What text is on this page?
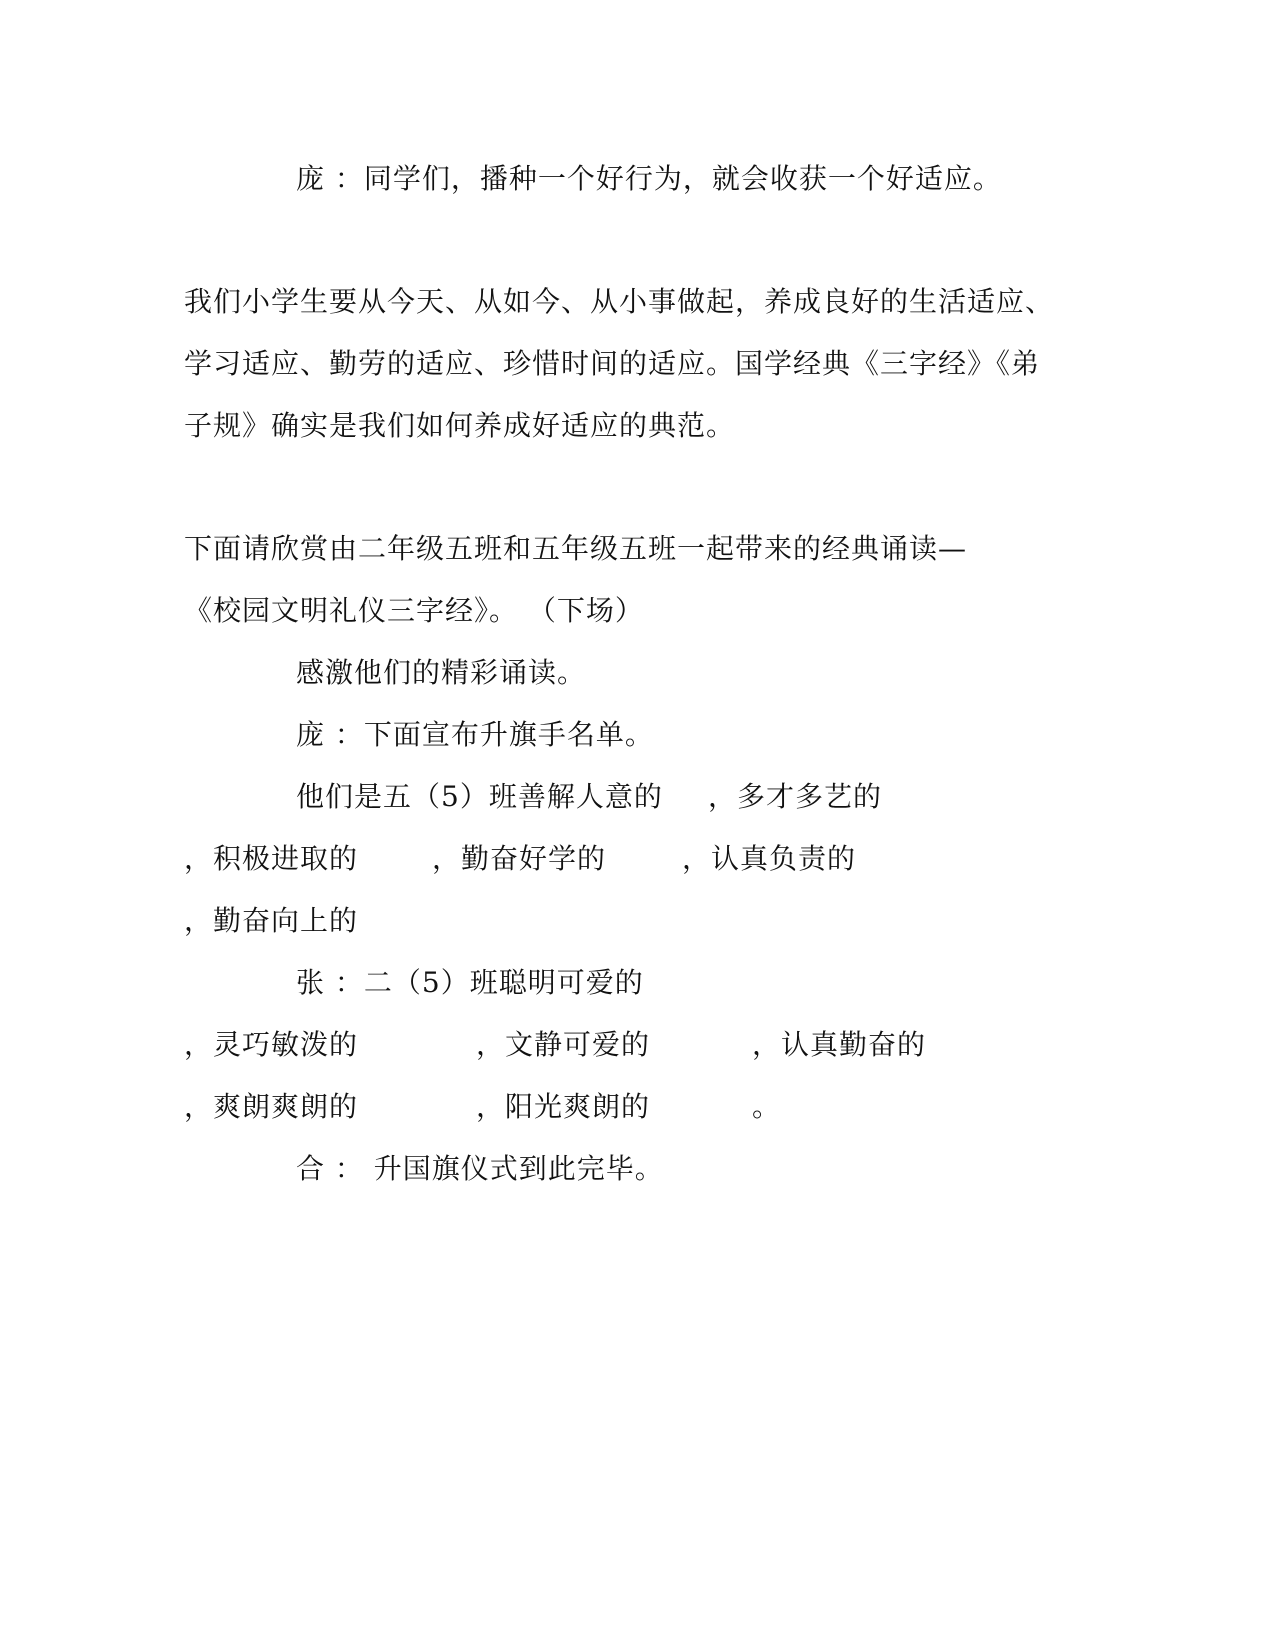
庞 ：同学们，播种一个好行为，就会收获一个好适应。
我们小学生要从今天、从如今、从小事做起，养成良好的生活适应、
学习适应、勤劳的适应、珍惜时间的适应。国学经典《三字经》《弟
子规》确实是我们如何养成好适应的典范。
下面请欣赏由二年级五班和五年级五班一起带来的经典诵读—
《校园文明礼仪三字经》。 （下场）
感激他们的精彩诵读。
庞 ：下面宣布升旗手名单。
他们是五（5）班善解人意的 ，多才多艺的
，积极进取的	，勤奋好学的	，认真负责的
，勤奋向上的
张 ：二（5）班聪明可爱的
，灵巧敏泼的	，文静可爱的	，认真勤奋的
，爽朗爽朗的	，阳光爽朗的	。
合 ： 升国旗仪式到此完毕。
